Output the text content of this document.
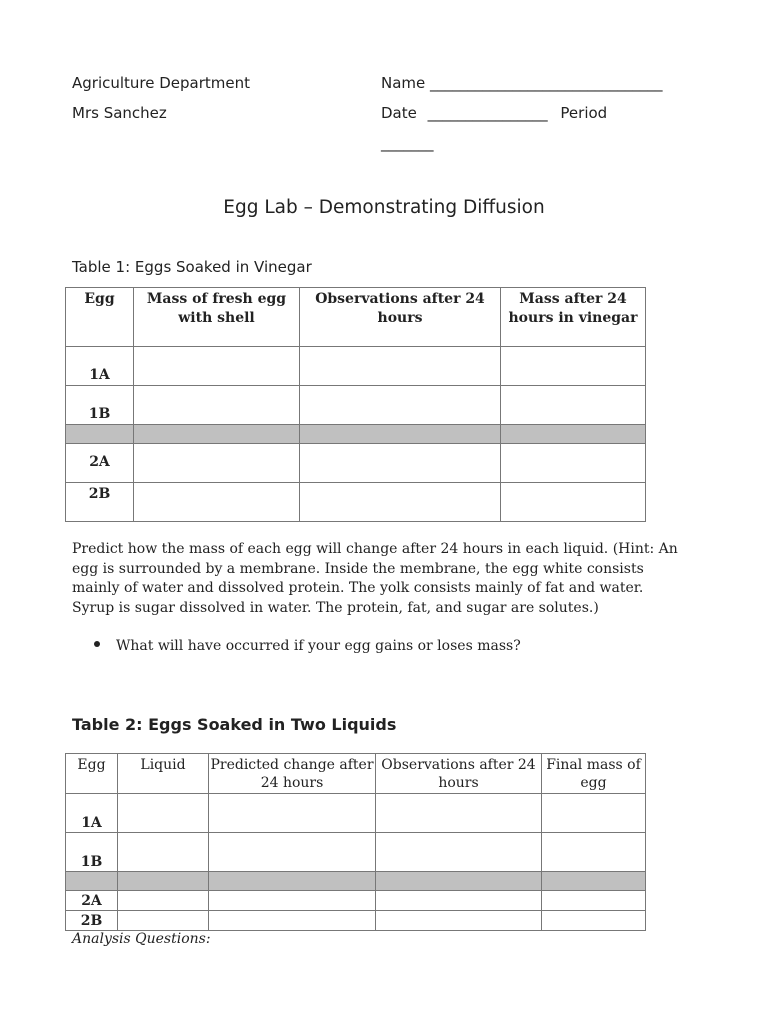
Agriculture Department
Mrs Sanchez
Name _______________________________
Date ________________ Period
_______
Egg Lab – Demonstrating Diffusion
Table 1: Eggs Soaked in Vinegar
Egg	Mass of fresh egg with shell	Observations after 24 hours	Mass after 24 hours in vinegar
1A			
1B			

2A			
2B			
Predict how the mass of each egg will change after 24 hours in each liquid. (Hint: An
egg is surrounded by a membrane. Inside the membrane, the egg white consists
mainly of water and dissolved protein. The yolk consists mainly of fat and water.
Syrup is sugar dissolved in water. The protein, fat, and sugar are solutes.)
What will have occurred if your egg gains or loses mass?
Table 2: Eggs Soaked in Two Liquids
Egg	Liquid	Predicted change after 24 hours	Observations after 24 hours	Final mass of egg
1A				
1B				

2A				
2B				
Analysis Questions:
